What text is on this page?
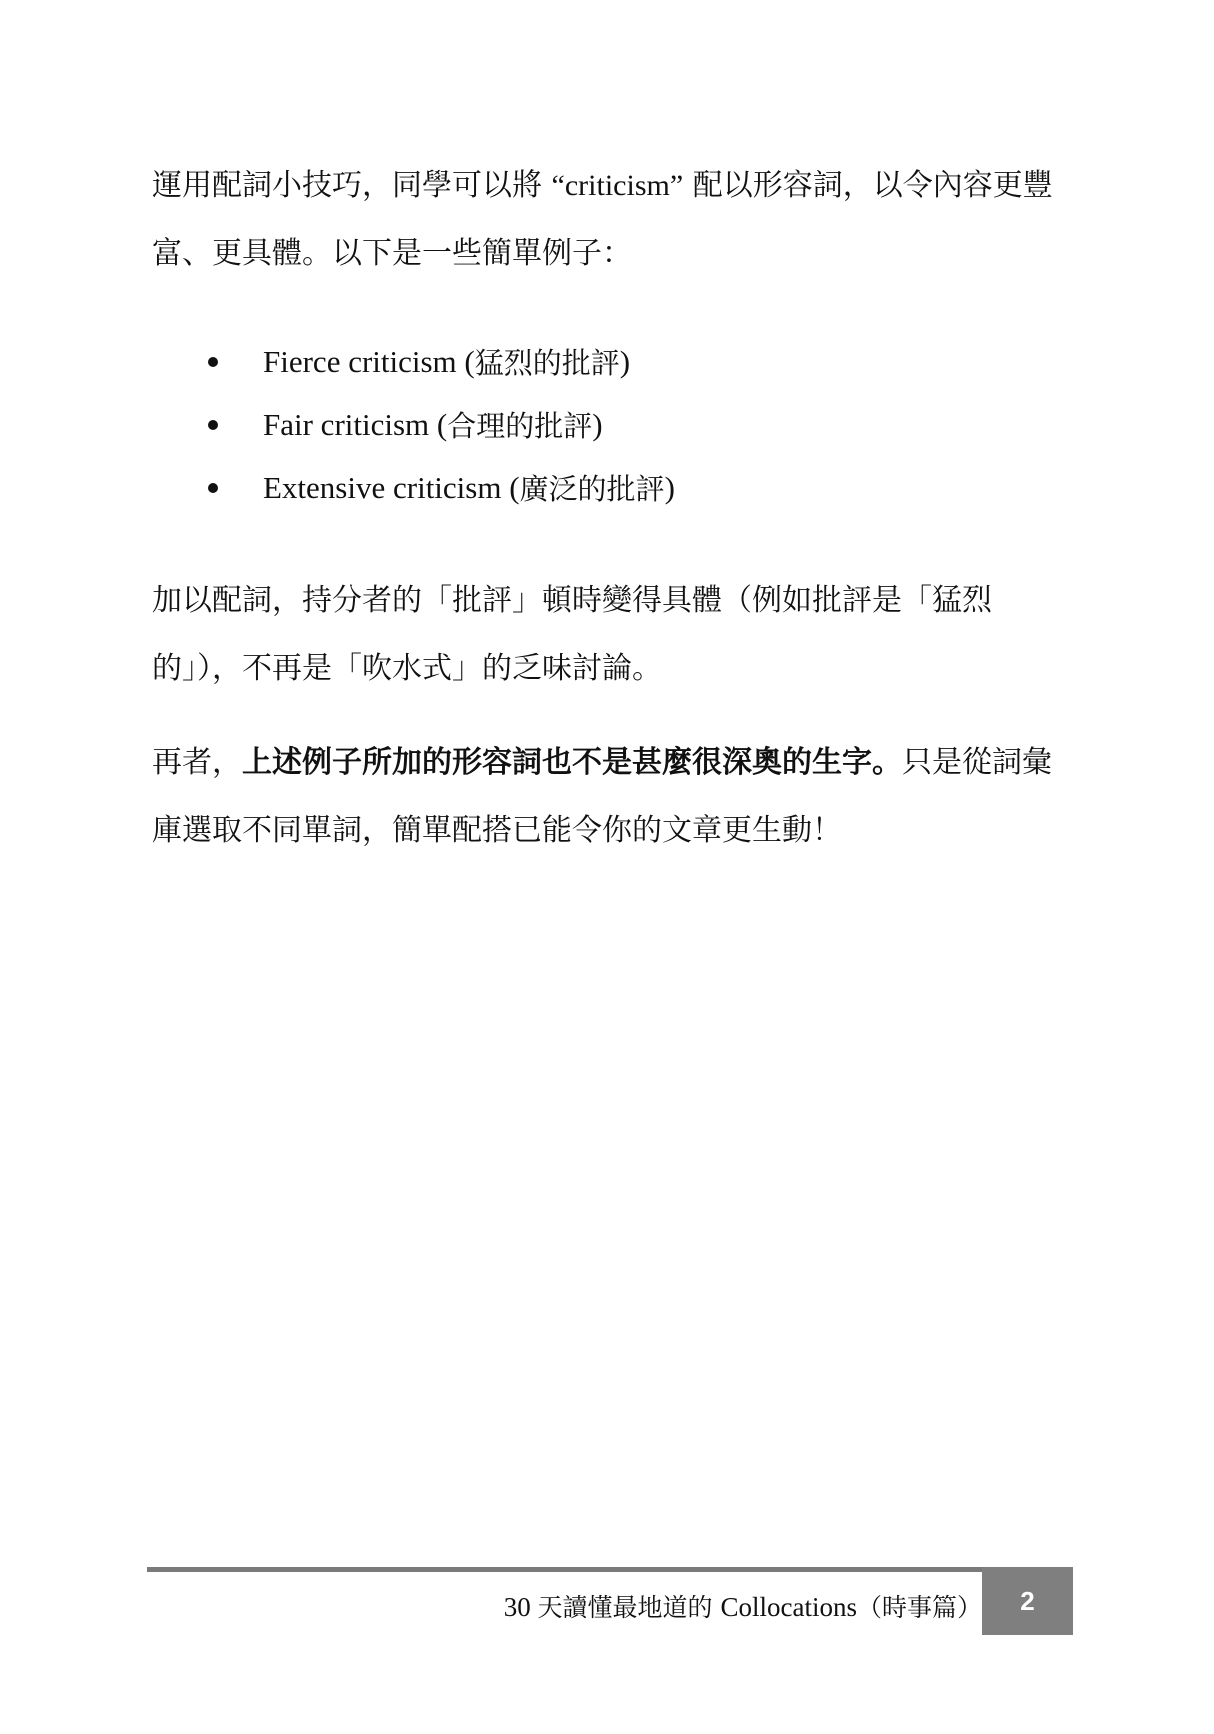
運用配詞小技巧，同學可以將 “criticism” 配以形容詞，以令內容更豐富、更具體。以下是一些簡單例子：

Fierce criticism ( 猛烈的批評 )
Fair criticism ( 合理的批評 )
Extensive criticism ( 廣泛的批評 )

加以配詞，持分者的「批評」頓時變得具體（例如批評是「猛烈的」），不再是「吹水式」的乏味討論。

再者，上述例子所加的形容詞也不是甚麼很深奧的生字。只是從詞彙庫選取不同單詞，簡單配搭已能令你的文章更生動！

30 天讀懂最地道的 Collocations（時事篇） 2
